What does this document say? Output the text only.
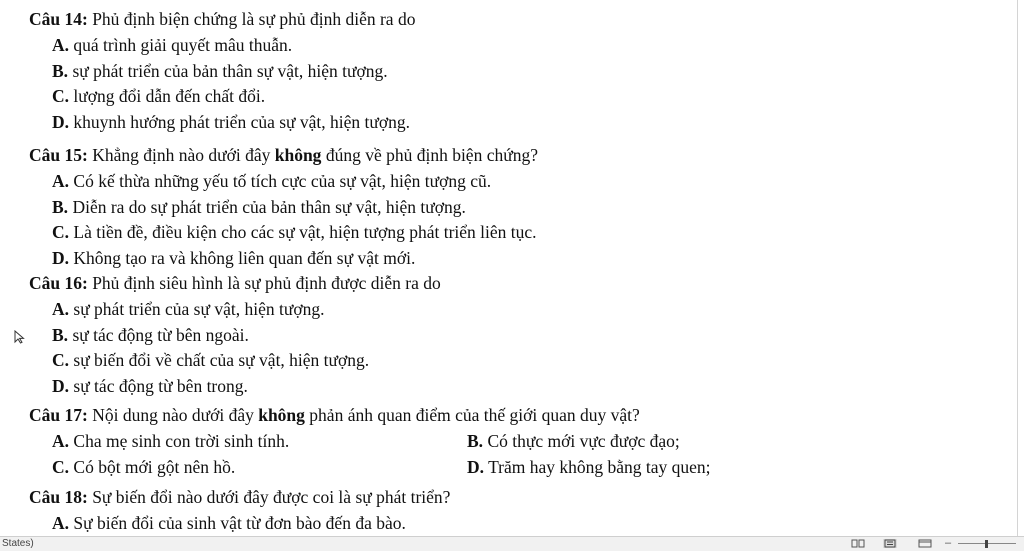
Câu 14: Phủ định biện chứng là sự phủ định diễn ra do
A. quá trình giải quyết mâu thuẫn.
B. sự phát triển của bản thân sự vật, hiện tượng.
C. lượng đổi dẫn đến chất đổi.
D. khuynh hướng phát triển của sự vật, hiện tượng.
Câu 15: Khẳng định nào dưới đây không đúng về phủ định biện chứng?
A. Có kế thừa những yếu tố tích cực của sự vật, hiện tượng cũ.
B. Diễn ra do sự phát triển của bản thân sự vật, hiện tượng.
C. Là tiền đề, điều kiện cho các sự vật, hiện tượng phát triển liên tục.
D. Không tạo ra và không liên quan đến sự vật mới.
Câu 16: Phủ định siêu hình là sự phủ định được diễn ra do
A. sự phát triển của sự vật, hiện tượng.
B. sự tác động từ bên ngoài.
C. sự biến đổi về chất của sự vật, hiện tượng.
D. sự tác động từ bên trong.
Câu 17: Nội dung nào dưới đây không phản ánh quan điểm của thế giới quan duy vật?
A. Cha mẹ sinh con trời sinh tính.	B. Có thực mới vực được đạo;
C. Có bột mới gột nên hồ.	D. Trăm hay không bằng tay quen;
Câu 18: Sự biến đổi nào dưới đây được coi là sự phát triển?
A. Sự biến đổi của sinh vật từ đơn bào đến đa bào.
States)	–
